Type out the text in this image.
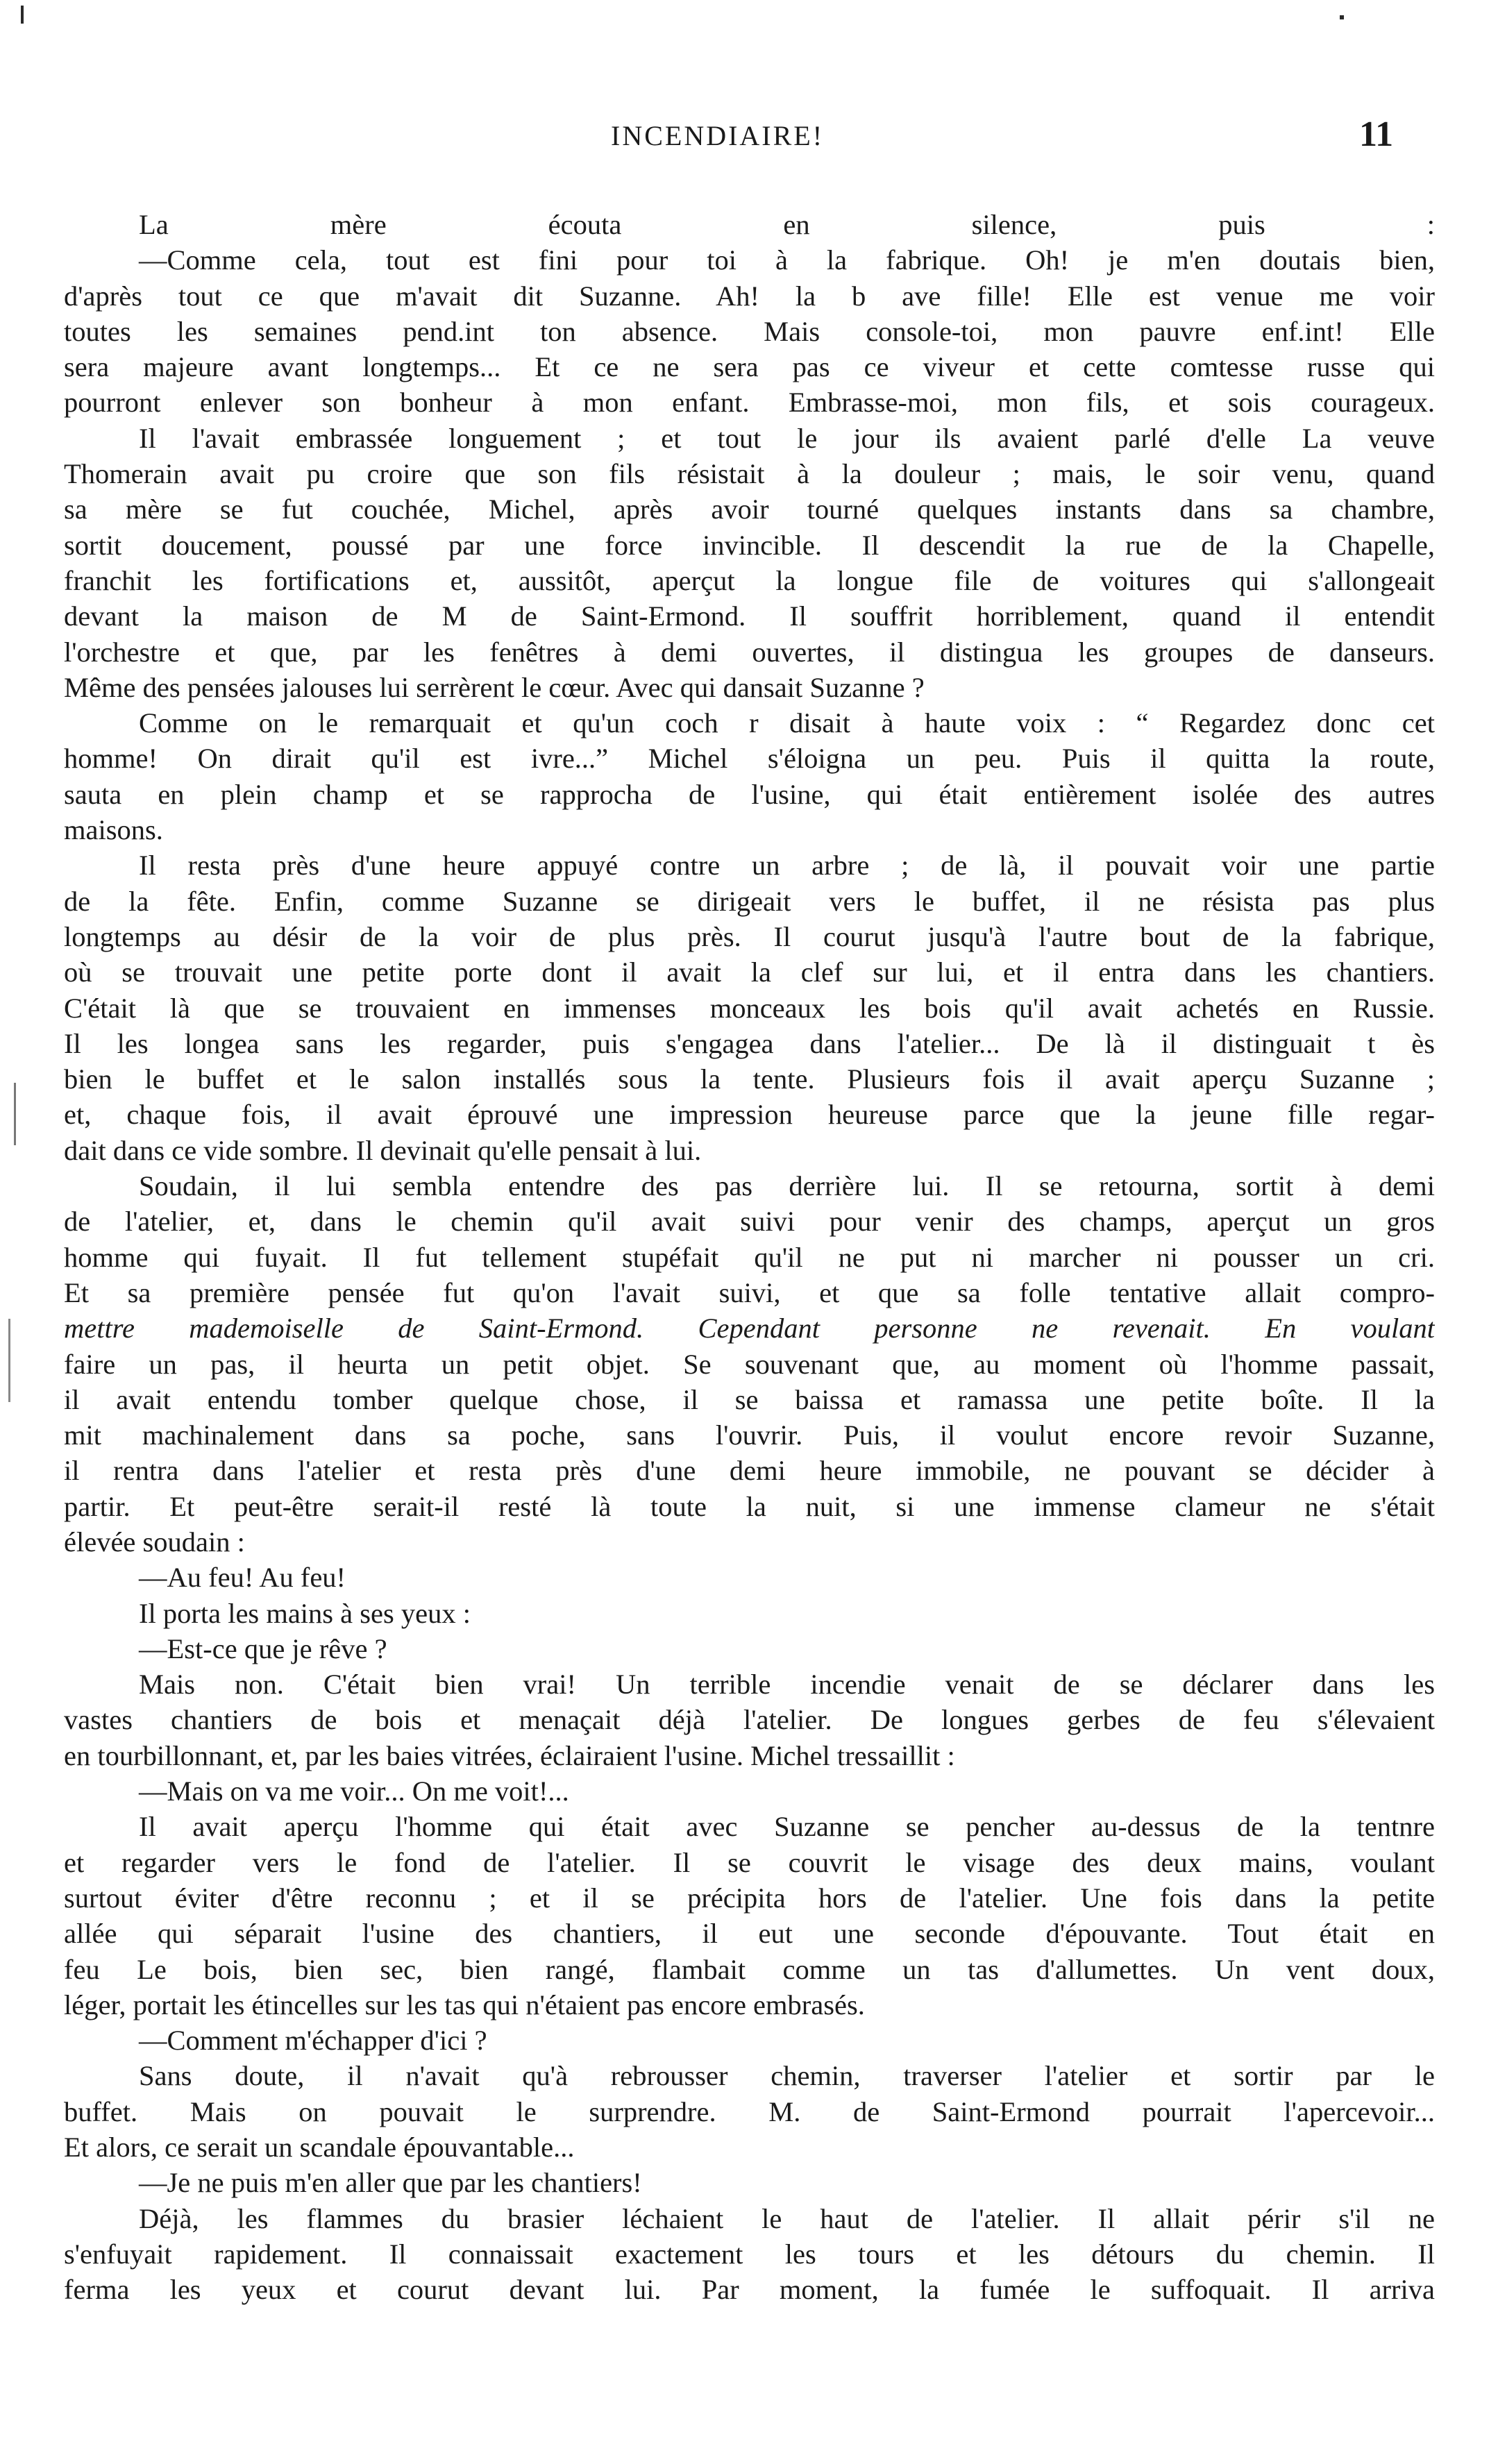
INCENDIAIRE!	11
La mère écouta en silence, puis :
—Comme cela, tout est fini pour toi à la fabrique. Oh! je m'en doutais bien,
d'après tout ce que m'avait dit Suzanne. Ah! la b ave fille! Elle est venue me voir
toutes les semaines pend.int ton absence. Mais console-toi, mon pauvre enf.int! Elle
sera majeure avant longtemps... Et ce ne sera pas ce viveur et cette comtesse russe qui
pourront enlever son bonheur à mon enfant. Embrasse-moi, mon fils, et sois courageux.
Il l'avait embrassée longuement ; et tout le jour ils avaient parlé d'elle La veuve
Thomerain avait pu croire que son fils résistait à la douleur ; mais, le soir venu, quand
sa mère se fut couchée, Michel, après avoir tourné quelques instants dans sa chambre,
sortit doucement, poussé par une force invincible. Il descendit la rue de la Chapelle,
franchit les fortifications et, aussitôt, aperçut la longue file de voitures qui s'allongeait
devant la maison de M de Saint-Ermond. Il souffrit horriblement, quand il entendit
l'orchestre et que, par les fenêtres à demi ouvertes, il distingua les groupes de danseurs.
Même des pensées jalouses lui serrèrent le cœur. Avec qui dansait Suzanne ?
Comme on le remarquait et qu'un coch r disait à haute voix : “ Regardez donc cet
homme! On dirait qu'il est ivre...” Michel s'éloigna un peu. Puis il quitta la route,
sauta en plein champ et se rapprocha de l'usine, qui était entièrement isolée des autres
maisons.
Il resta près d'une heure appuyé contre un arbre ; de là, il pouvait voir une partie
de la fête. Enfin, comme Suzanne se dirigeait vers le buffet, il ne résista pas plus
longtemps au désir de la voir de plus près. Il courut jusqu'à l'autre bout de la fabrique,
où se trouvait une petite porte dont il avait la clef sur lui, et il entra dans les chantiers.
C'était là que se trouvaient en immenses monceaux les bois qu'il avait achetés en Russie.
Il les longea sans les regarder, puis s'engagea dans l'atelier... De là il distinguait t ès
bien le buffet et le salon installés sous la tente. Plusieurs fois il avait aperçu Suzanne ;
et, chaque fois, il avait éprouvé une impression heureuse parce que la jeune fille regar-
dait dans ce vide sombre. Il devinait qu'elle pensait à lui.
Soudain, il lui sembla entendre des pas derrière lui. Il se retourna, sortit à demi
de l'atelier, et, dans le chemin qu'il avait suivi pour venir des champs, aperçut un gros
homme qui fuyait. Il fut tellement stupéfait qu'il ne put ni marcher ni pousser un cri.
Et sa première pensée fut qu'on l'avait suivi, et que sa folle tentative allait compro-
mettre mademoiselle de Saint-Ermond. Cependant personne ne revenait. En voulant
faire un pas, il heurta un petit objet. Se souvenant que, au moment où l'homme passait,
il avait entendu tomber quelque chose, il se baissa et ramassa une petite boîte. Il la
mit machinalement dans sa poche, sans l'ouvrir. Puis, il voulut encore revoir Suzanne,
il rentra dans l'atelier et resta près d'une demi heure immobile, ne pouvant se décider à
partir. Et peut-être serait-il resté là toute la nuit, si une immense clameur ne s'était
élevée soudain :
—Au feu! Au feu!
Il porta les mains à ses yeux :
—Est-ce que je rêve ?
Mais non. C'était bien vrai! Un terrible incendie venait de se déclarer dans les
vastes chantiers de bois et menaçait déjà l'atelier. De longues gerbes de feu s'élevaient
en tourbillonnant, et, par les baies vitrées, éclairaient l'usine. Michel tressaillit :
—Mais on va me voir... On me voit!...
Il avait aperçu l'homme qui était avec Suzanne se pencher au-dessus de la tentnre
et regarder vers le fond de l'atelier. Il se couvrit le visage des deux mains, voulant
surtout éviter d'être reconnu ; et il se précipita hors de l'atelier. Une fois dans la petite
allée qui séparait l'usine des chantiers, il eut une seconde d'épouvante. Tout était en
feu Le bois, bien sec, bien rangé, flambait comme un tas d'allumettes. Un vent doux,
léger, portait les étincelles sur les tas qui n'étaient pas encore embrasés.
—Comment m'échapper d'ici ?
Sans doute, il n'avait qu'à rebrousser chemin, traverser l'atelier et sortir par le
buffet. Mais on pouvait le surprendre. M. de Saint-Ermond pourrait l'apercevoir...
Et alors, ce serait un scandale épouvantable...
—Je ne puis m'en aller que par les chantiers!
Déjà, les flammes du brasier léchaient le haut de l'atelier. Il allait périr s'il ne
s'enfuyait rapidement. Il connaissait exactement les tours et les détours du chemin. Il
ferma les yeux et courut devant lui. Par moment, la fumée le suffoquait. Il arriva
